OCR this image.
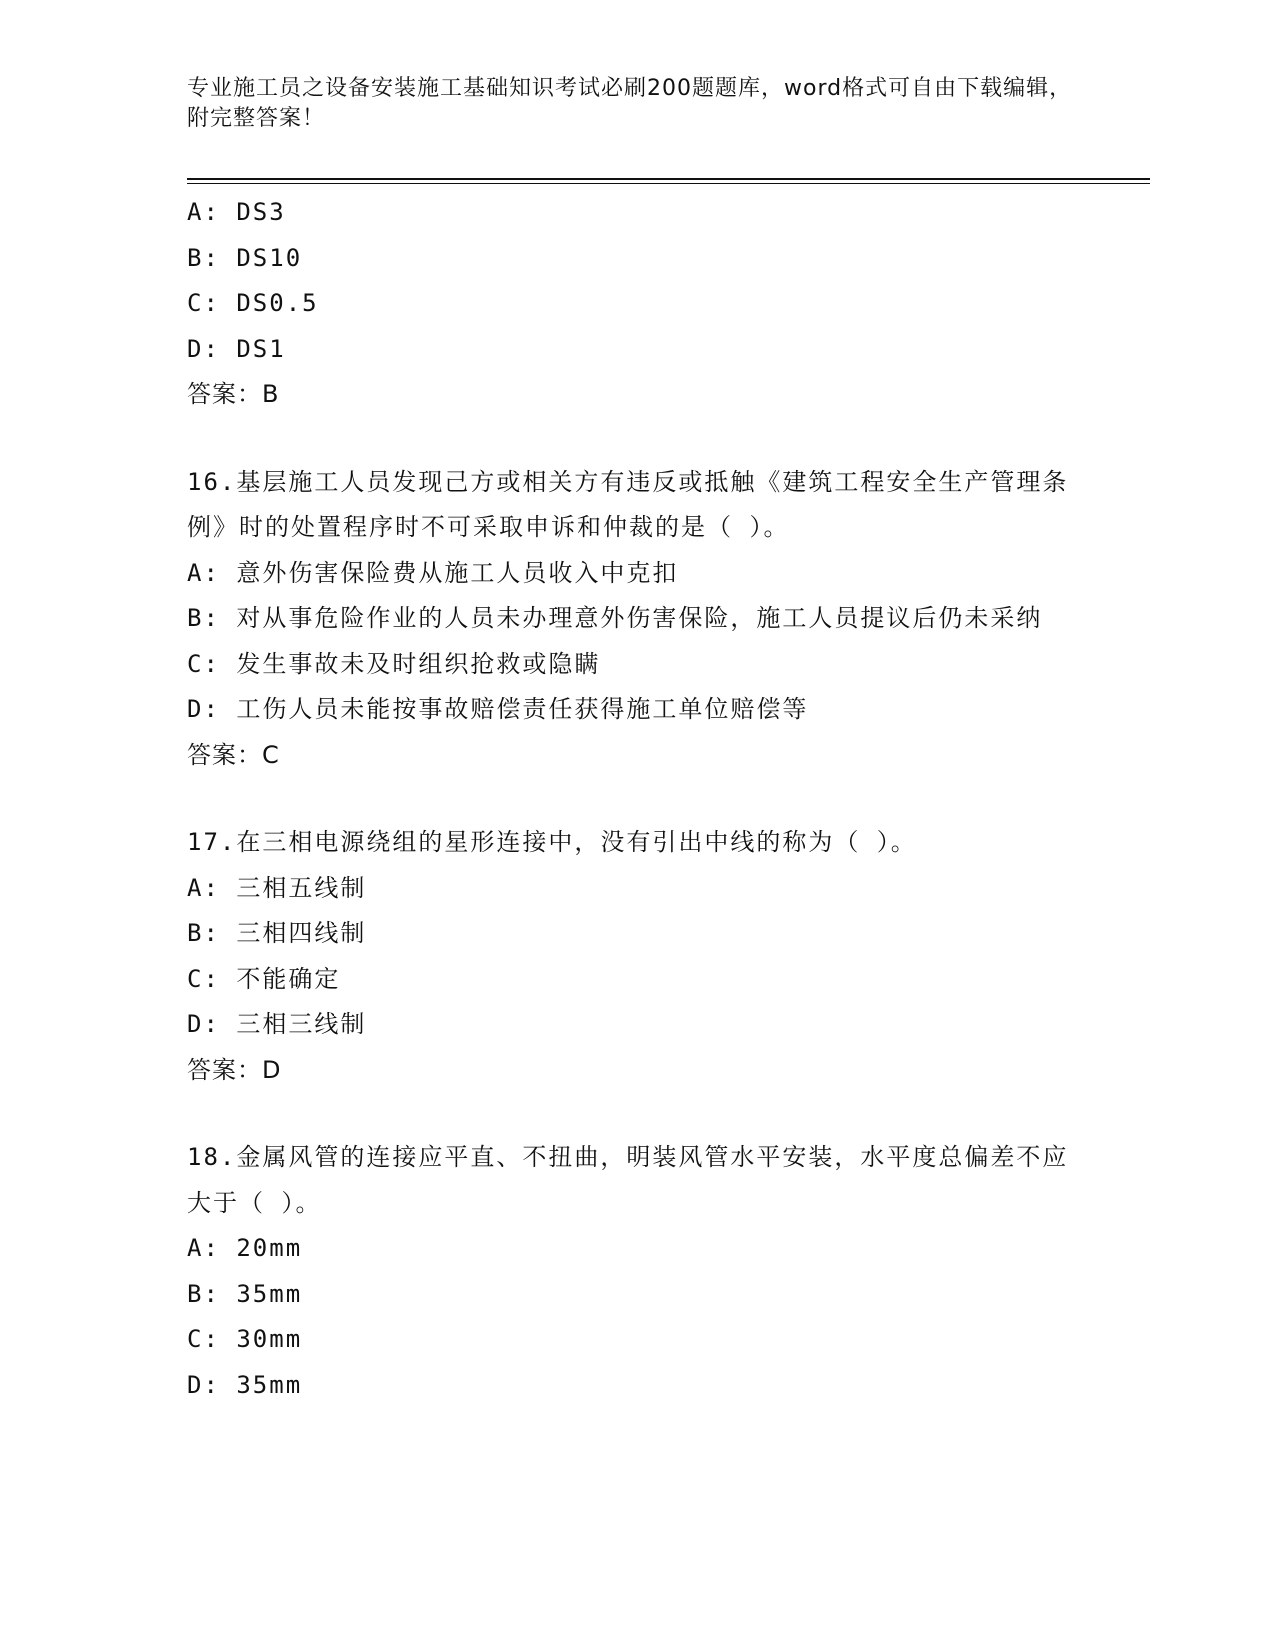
专业施工员之设备安装施工基础知识考试必刷200题题库，word格式可自由下载编辑，附完整答案！

A: DS3

B: DS10

C: DS0.5

D: DS1

答案：B

16.基层施工人员发现己方或相关方有违反或抵触《建筑工程安全生产管理条例》时的处置程序时不可采取申诉和仲裁的是（ ）。

A: 意外伤害保险费从施工人员收入中克扣

B: 对从事危险作业的人员未办理意外伤害保险，施工人员提议后仍未采纳

C: 发生事故未及时组织抢救或隐瞒

D: 工伤人员未能按事故赔偿责任获得施工单位赔偿等

答案：C

17.在三相电源绕组的星形连接中，没有引出中线的称为（ ）。

A: 三相五线制

B: 三相四线制

C: 不能确定

D: 三相三线制

答案：D

18.金属风管的连接应平直、不扭曲，明装风管水平安装，水平度总偏差不应大于（ ）。

A: 20mm

B: 35mm

C: 30mm

D: 35mm
